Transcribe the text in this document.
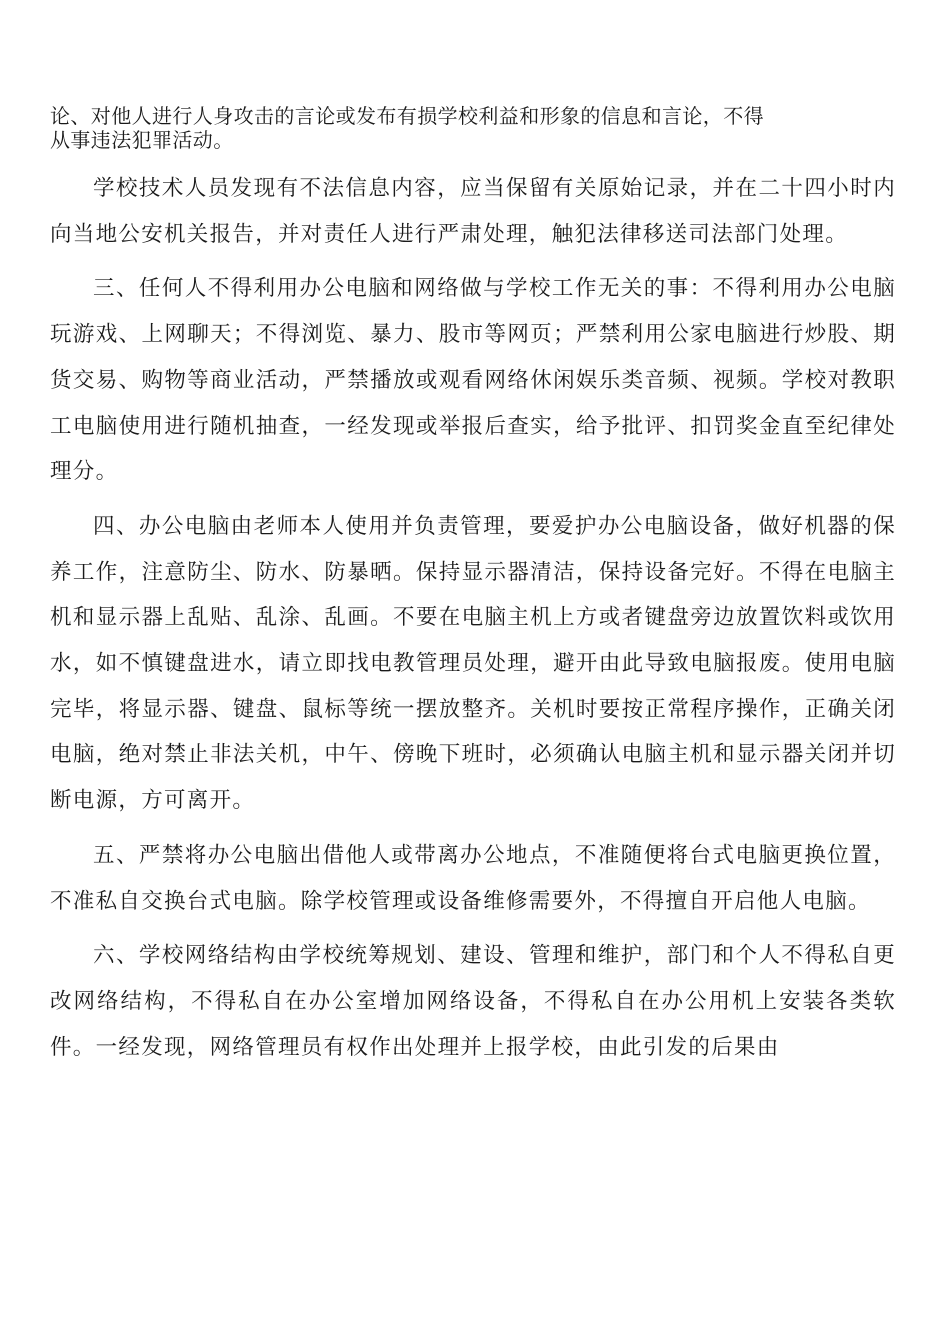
论、对他人进行人身攻击的言论或发布有损学校利益和形象的信息和言论，不得
从事违法犯罪活动。

学校技术人员发现有不法信息内容，应当保留有关原始记录，并在二十四小时内向当地公安机关报告，并对责任人进行严肃处理，触犯法律移送司法部门处理。

三、任何人不得利用办公电脑和网络做与学校工作无关的事：不得利用办公电脑玩游戏、上网聊天；不得浏览、暴力、股市等网页；严禁利用公家电脑进行炒股、期货交易、购物等商业活动，严禁播放或观看网络休闲娱乐类音频、视频。学校对教职工电脑使用进行随机抽查，一经发现或举报后查实，给予批评、扣罚奖金直至纪律处理分。

四、办公电脑由老师本人使用并负责管理，要爱护办公电脑设备，做好机器的保养工作，注意防尘、防水、防暴晒。保持显示器清洁，保持设备完好。不得在电脑主机和显示器上乱贴、乱涂、乱画。不要在电脑主机上方或者键盘旁边放置饮料或饮用水，如不慎键盘进水，请立即找电教管理员处理，避开由此导致电脑报废。使用电脑完毕，将显示器、键盘、鼠标等统一摆放整齐。关机时要按正常程序操作，正确关闭电脑，绝对禁止非法关机，中午、傍晚下班时，必须确认电脑主机和显示器关闭并切断电源，方可离开。

五、严禁将办公电脑出借他人或带离办公地点，不准随便将台式电脑更换位置，不准私自交换台式电脑。除学校管理或设备维修需要外，不得擅自开启他人电脑。

六、学校网络结构由学校统筹规划、建设、管理和维护，部门和个人不得私自更改网络结构，不得私自在办公室增加网络设备，不得私自在办公用机上安装各类软件。一经发现，网络管理员有权作出处理并上报学校，由此引发的后果由
